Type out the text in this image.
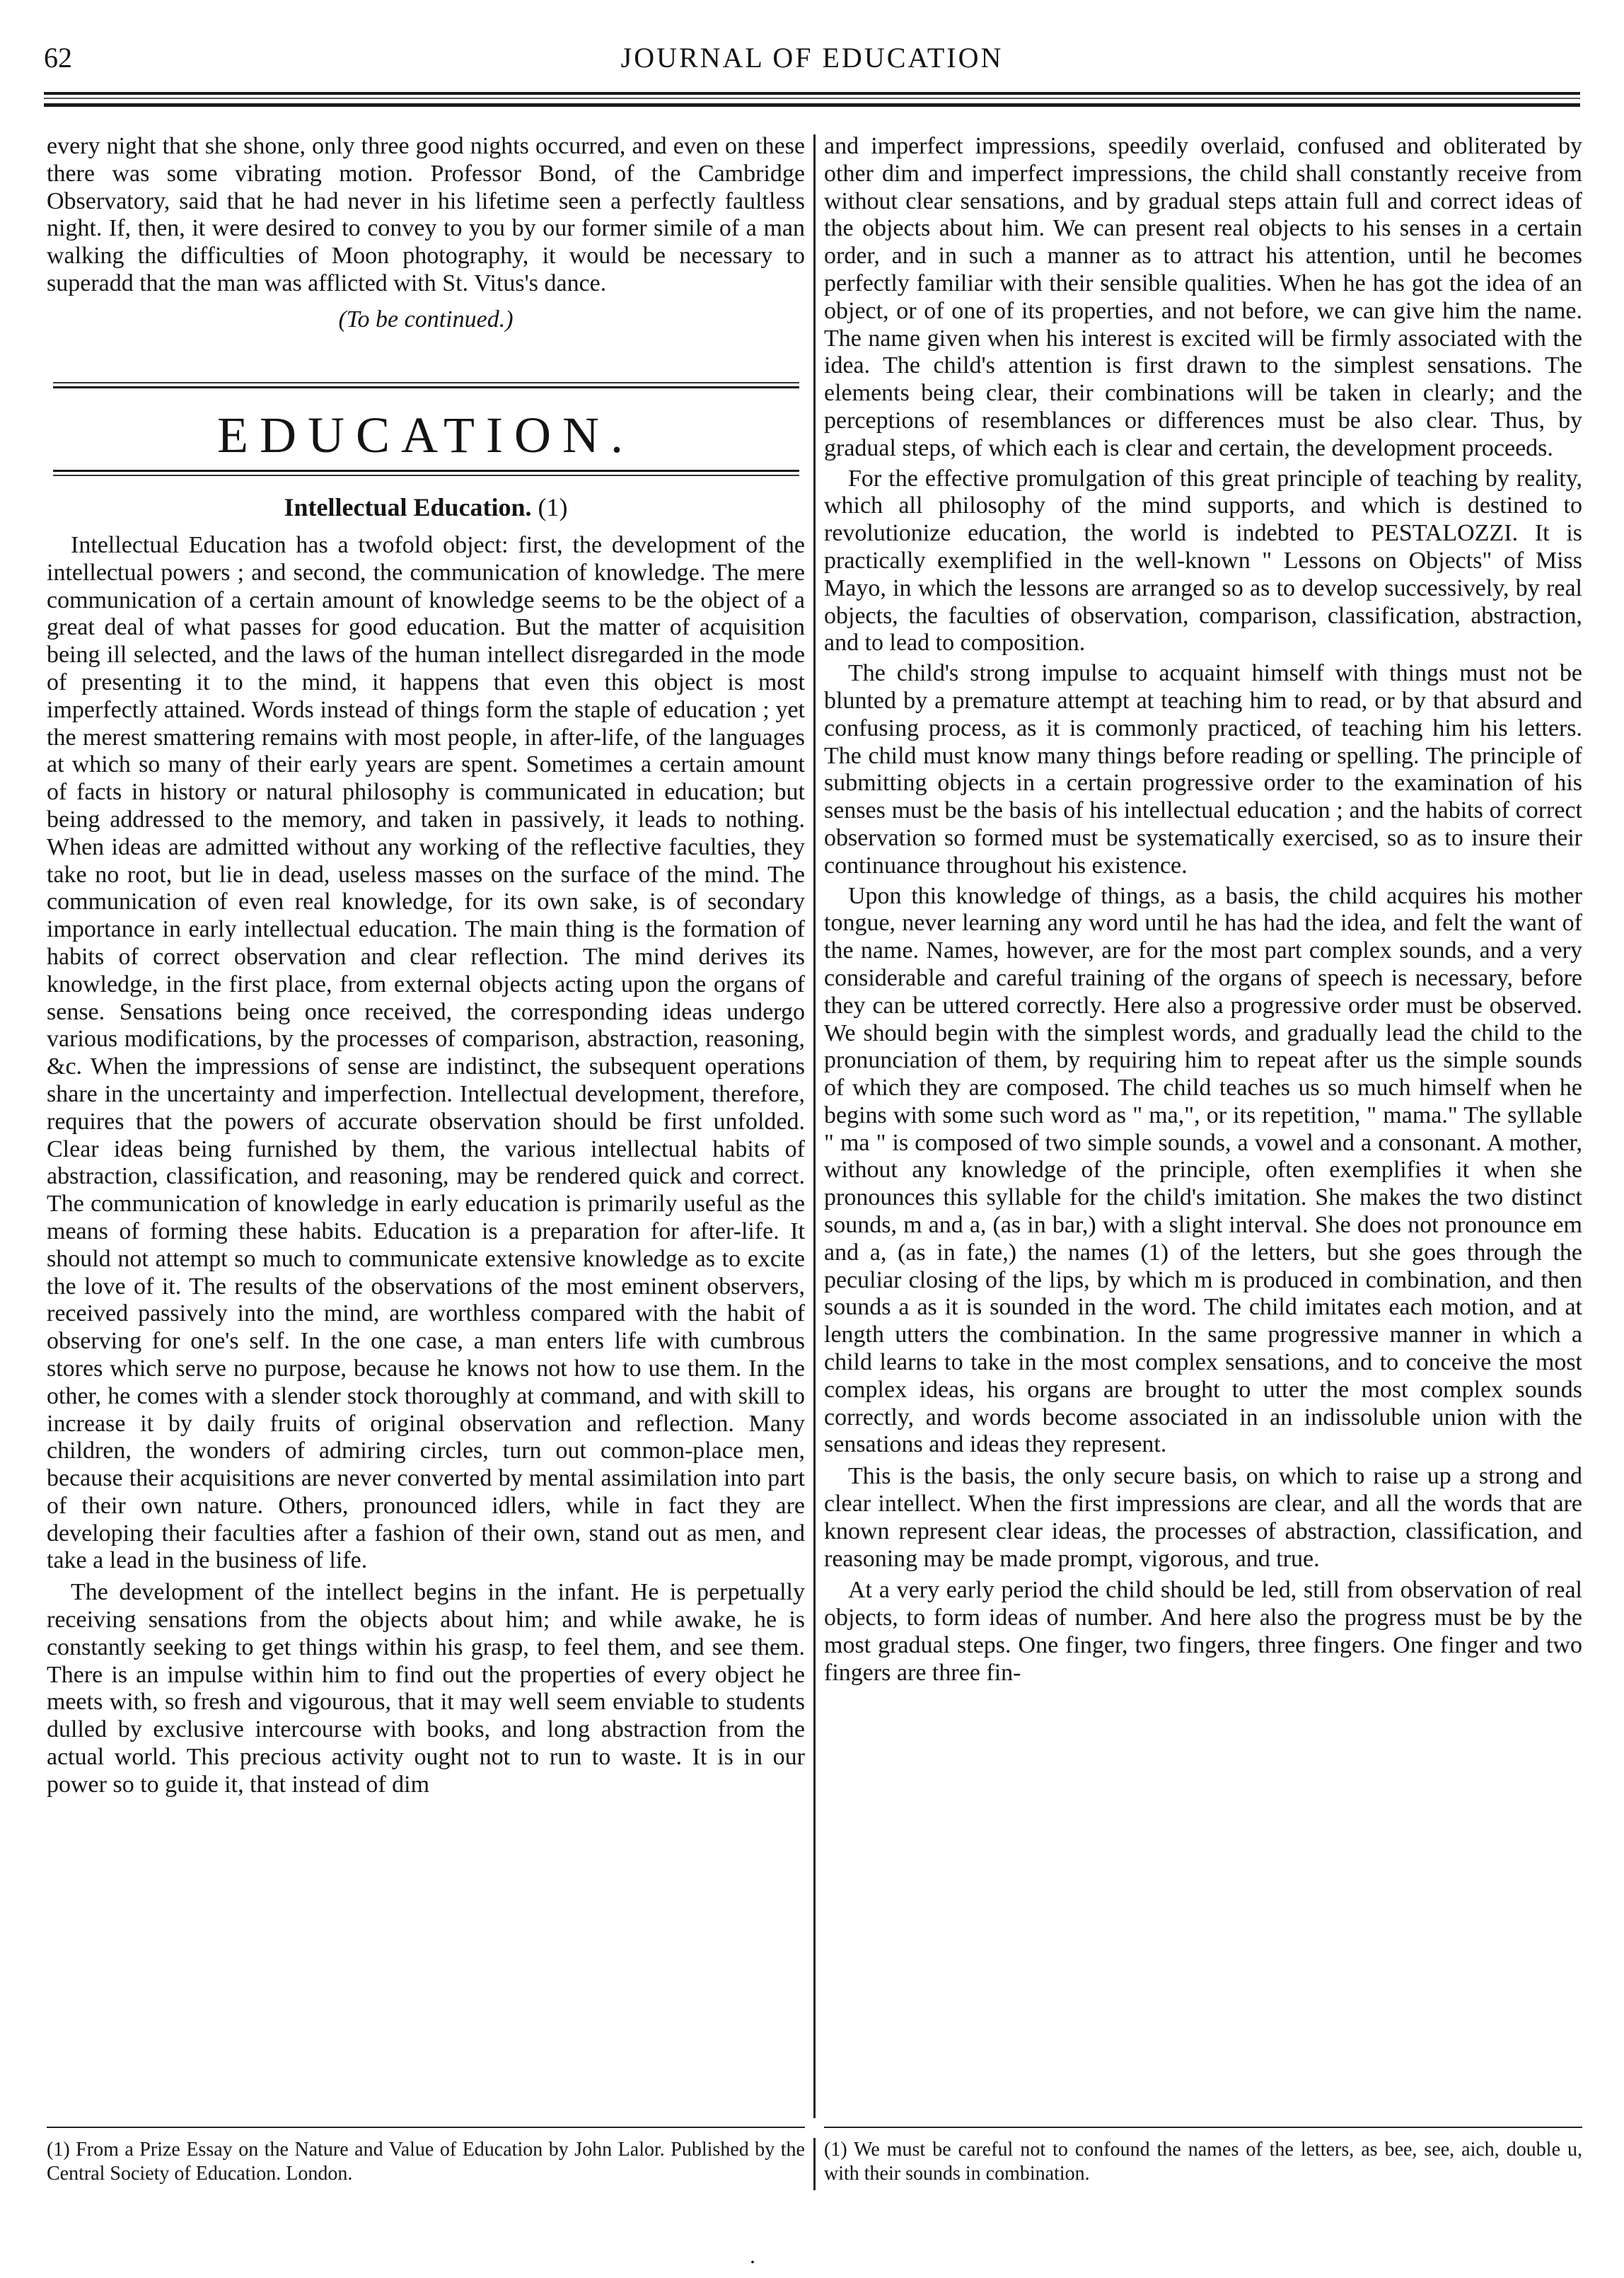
62	JOURNAL OF EDUCATION

every night that she shone, only three good nights occurred, and even on these there was some vibrating motion. Professor Bond, of the Cambridge Observatory, said that he had never in his lifetime seen a perfectly faultless night. If, then, it were desired to convey to you by our former simile of a man walking the difficulties of Moon photography, it would be necessary to superadd that the man was afflicted with St. Vitus's dance.

(To be continued.)

EDUCATION.
Intellectual Education. (1)

Intellectual Education has a twofold object: first, the development of the intellectual powers ; and second, the communication of knowledge. The mere communication of a certain amount of knowledge seems to be the object of a great deal of what passes for good education. But the matter of acquisition being ill selected, and the laws of the human intellect disregarded in the mode of presenting it to the mind, it happens that even this object is most imperfectly attained. Words instead of things form the staple of education ; yet the merest smattering remains with most people, in after-life, of the languages at which so many of their early years are spent. Sometimes a certain amount of facts in history or natural philosophy is communicated in education; but being addressed to the memory, and taken in passively, it leads to nothing. When ideas are admitted without any working of the reflective faculties, they take no root, but lie in dead, useless masses on the surface of the mind. The communication of even real knowledge, for its own sake, is of secondary importance in early intellectual education. The main thing is the formation of habits of correct observation and clear reflection. The mind derives its knowledge, in the first place, from external objects acting upon the organs of sense. Sensations being once received, the corresponding ideas undergo various modifications, by the processes of comparison, abstraction, reasoning, &c. When the impressions of sense are indistinct, the subsequent operations share in the uncertainty and imperfection. Intellectual development, therefore, requires that the powers of accurate observation should be first unfolded. Clear ideas being furnished by them, the various intellectual habits of abstraction, classification, and reasoning, may be rendered quick and correct. The communication of knowledge in early education is primarily useful as the means of forming these habits. Education is a preparation for after-life. It should not attempt so much to communicate extensive knowledge as to excite the love of it. The results of the observations of the most eminent observers, received passively into the mind, are worthless compared with the habit of observing for one's self. In the one case, a man enters life with cumbrous stores which serve no purpose, because he knows not how to use them. In the other, he comes with a slender stock thoroughly at command, and with skill to increase it by daily fruits of original observation and reflection. Many children, the wonders of admiring circles, turn out common-place men, because their acquisitions are never converted by mental assimilation into part of their own nature. Others, pronounced idlers, while in fact they are developing their faculties after a fashion of their own, stand out as men, and take a lead in the business of life.

The development of the intellect begins in the infant. He is perpetually receiving sensations from the objects about him; and while awake, he is constantly seeking to get things within his grasp, to feel them, and see them. There is an impulse within him to find out the properties of every object he meets with, so fresh and vigourous, that it may well seem enviable to students dulled by exclusive intercourse with books, and long abstraction from the actual world. This precious activity ought not to run to waste. It is in our power so to guide it, that instead of dim

and imperfect impressions, speedily overlaid, confused and obliterated by other dim and imperfect impressions, the child shall constantly receive from without clear sensations, and by gradual steps attain full and correct ideas of the objects about him. We can present real objects to his senses in a certain order, and in such a manner as to attract his attention, until he becomes perfectly familiar with their sensible qualities. When he has got the idea of an object, or of one of its properties, and not before, we can give him the name. The name given when his interest is excited will be firmly associated with the idea. The child's attention is first drawn to the simplest sensations. The elements being clear, their combinations will be taken in clearly; and the perceptions of resemblances or differences must be also clear. Thus, by gradual steps, of which each is clear and certain, the development proceeds.

For the effective promulgation of this great principle of teaching by reality, which all philosophy of the mind supports, and which is destined to revolutionize education, the world is indebted to PESTALOZZI. It is practically exemplified in the well-known " Lessons on Objects" of Miss Mayo, in which the lessons are arranged so as to develop successively, by real objects, the faculties of observation, comparison, classification, abstraction, and to lead to composition.

The child's strong impulse to acquaint himself with things must not be blunted by a premature attempt at teaching him to read, or by that absurd and confusing process, as it is commonly practiced, of teaching him his letters. The child must know many things before reading or spelling. The principle of submitting objects in a certain progressive order to the examination of his senses must be the basis of his intellectual education ; and the habits of correct observation so formed must be systematically exercised, so as to insure their continuance throughout his existence.

Upon this knowledge of things, as a basis, the child acquires his mother tongue, never learning any word until he has had the idea, and felt the want of the name. Names, however, are for the most part complex sounds, and a very considerable and careful training of the organs of speech is necessary, before they can be uttered correctly. Here also a progressive order must be observed. We should begin with the simplest words, and gradually lead the child to the pronunciation of them, by requiring him to repeat after us the simple sounds of which they are composed. The child teaches us so much himself when he begins with some such word as " ma,", or its repetition, " mama." The syllable " ma " is composed of two simple sounds, a vowel and a consonant. A mother, without any knowledge of the principle, often exemplifies it when she pronounces this syllable for the child's imitation. She makes the two distinct sounds, m and a, (as in bar,) with a slight interval. She does not pronounce em and a, (as in fate,) the names (1) of the letters, but she goes through the peculiar closing of the lips, by which m is produced in combination, and then sounds a as it is sounded in the word. The child imitates each motion, and at length utters the combination. In the same progressive manner in which a child learns to take in the most complex sensations, and to conceive the most complex ideas, his organs are brought to utter the most complex sounds correctly, and words become associated in an indissoluble union with the sensations and ideas they represent.

This is the basis, the only secure basis, on which to raise up a strong and clear intellect. When the first impressions are clear, and all the words that are known represent clear ideas, the processes of abstraction, classification, and reasoning may be made prompt, vigorous, and true.

At a very early period the child should be led, still from observation of real objects, to form ideas of number. And here also the progress must be by the most gradual steps. One finger, two fingers, three fingers. One finger and two fingers are three fin-

(1) From a Prize Essay on the Nature and Value of Education by John Lalor. Published by the Central Society of Education. London.
(1) We must be careful not to confound the names of the letters, as bee, see, aich, double u, with their sounds in combination.
.
